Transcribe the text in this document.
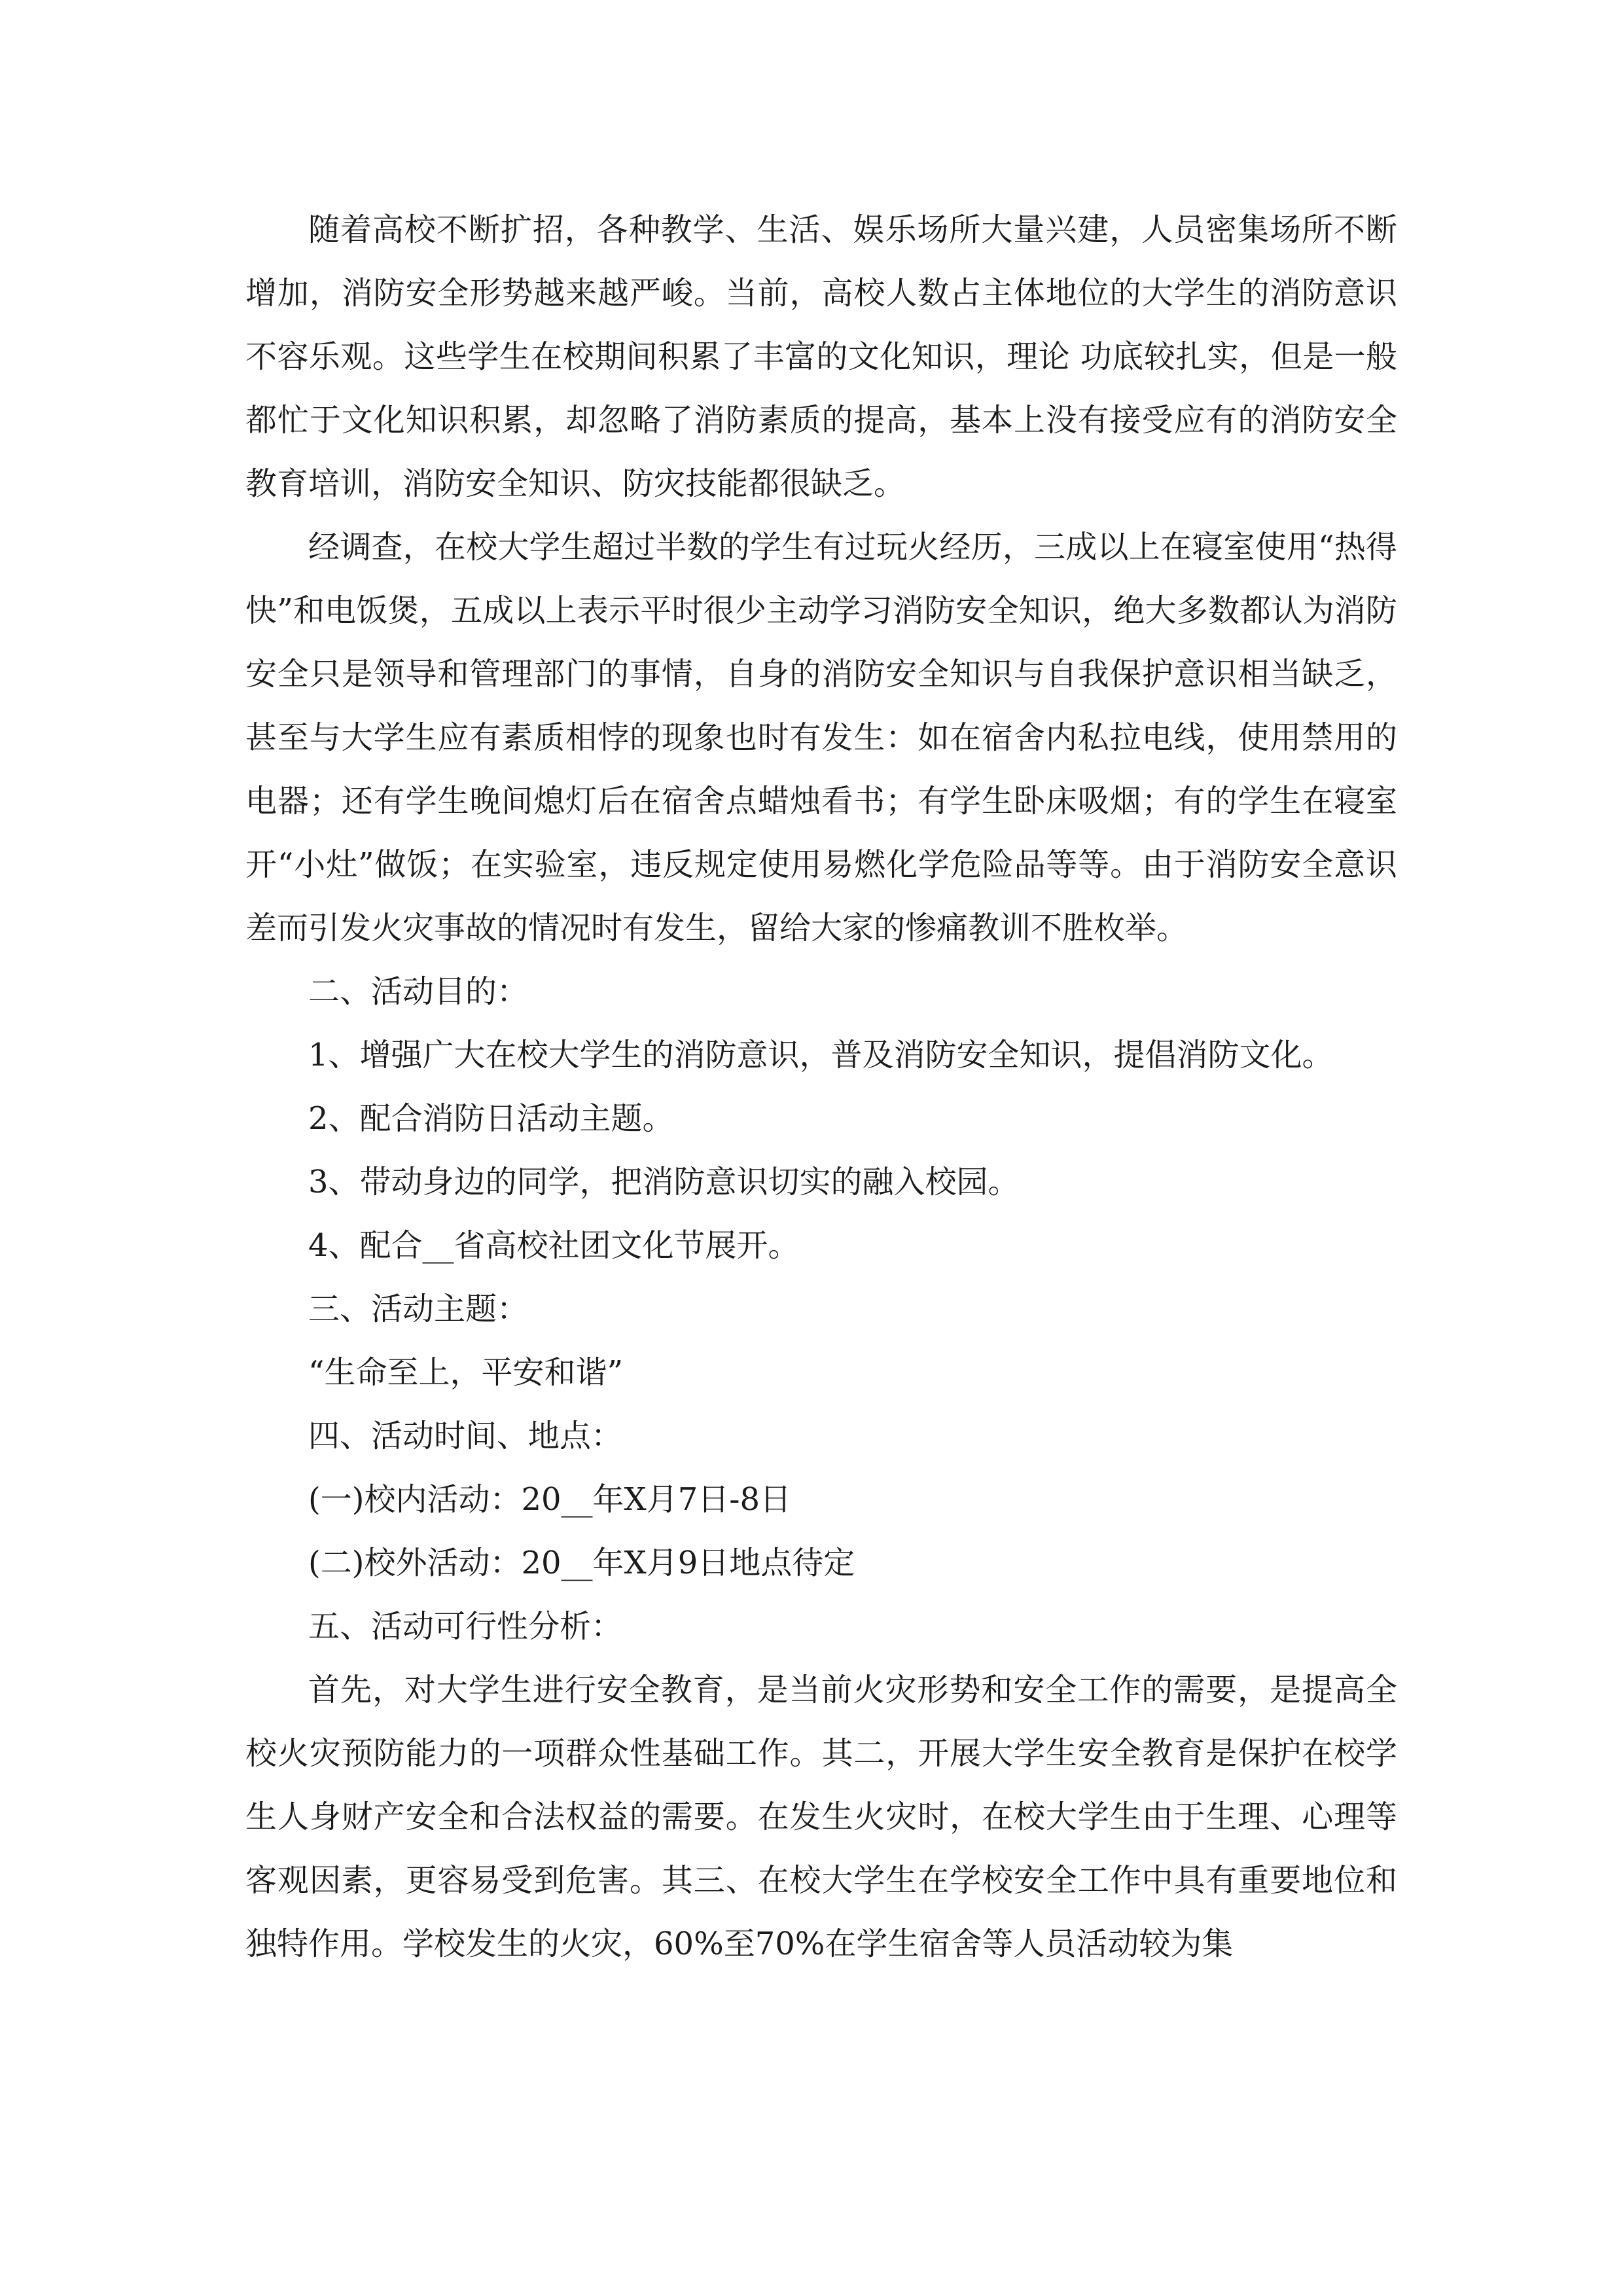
随着高校不断扩招，各种教学、生活、娱乐场所大量兴建，人员密集场所不断增加，消防安全形势越来越严峻。当前，高校人数占主体地位的大学生的消防意识不容乐观。这些学生在校期间积累了丰富的文化知识，理论 功底较扎实，但是一般都忙于文化知识积累，却忽略了消防素质的提高，基本上没有接受应有的消防安全教育培训，消防安全知识、防灾技能都很缺乏。

经调查，在校大学生超过半数的学生有过玩火经历，三成以上在寝室使用“热得快”和电饭煲，五成以上表示平时很少主动学习消防安全知识，绝大多数都认为消防安全只是领导和管理部门的事情，自身的消防安全知识与自我保护意识相当缺乏，甚至与大学生应有素质相悖的现象也时有发生：如在宿舍内私拉电线，使用禁用的电器；还有学生晚间熄灯后在宿舍点蜡烛看书；有学生卧床吸烟；有的学生在寝室开“小灶”做饭；在实验室，违反规定使用易燃化学危险品等等。由于消防安全意识差而引发火灾事故的情况时有发生，留给大家的惨痛教训不胜枚举。

二、活动目的：

1、增强广大在校大学生的消防意识，普及消防安全知识，提倡消防文化。

2、配合消防日活动主题。

3、带动身边的同学，把消防意识切实的融入校园。

4、配合__省高校社团文化节展开。

三、活动主题：

“生命至上，平安和谐”

四、活动时间、地点：

(一)校内活动：20__年X月7日-8日

(二)校外活动：20__年X月9日地点待定

五、活动可行性分析：

首先，对大学生进行安全教育，是当前火灾形势和安全工作的需要，是提高全校火灾预防能力的一项群众性基础工作。其二，开展大学生安全教育是保护在校学生人身财产安全和合法权益的需要。在发生火灾时，在校大学生由于生理、心理等客观因素，更容易受到危害。其三、在校大学生在学校安全工作中具有重要地位和独特作用。学校发生的火灾，60%至70%在学生宿舍等人员活动较为集
